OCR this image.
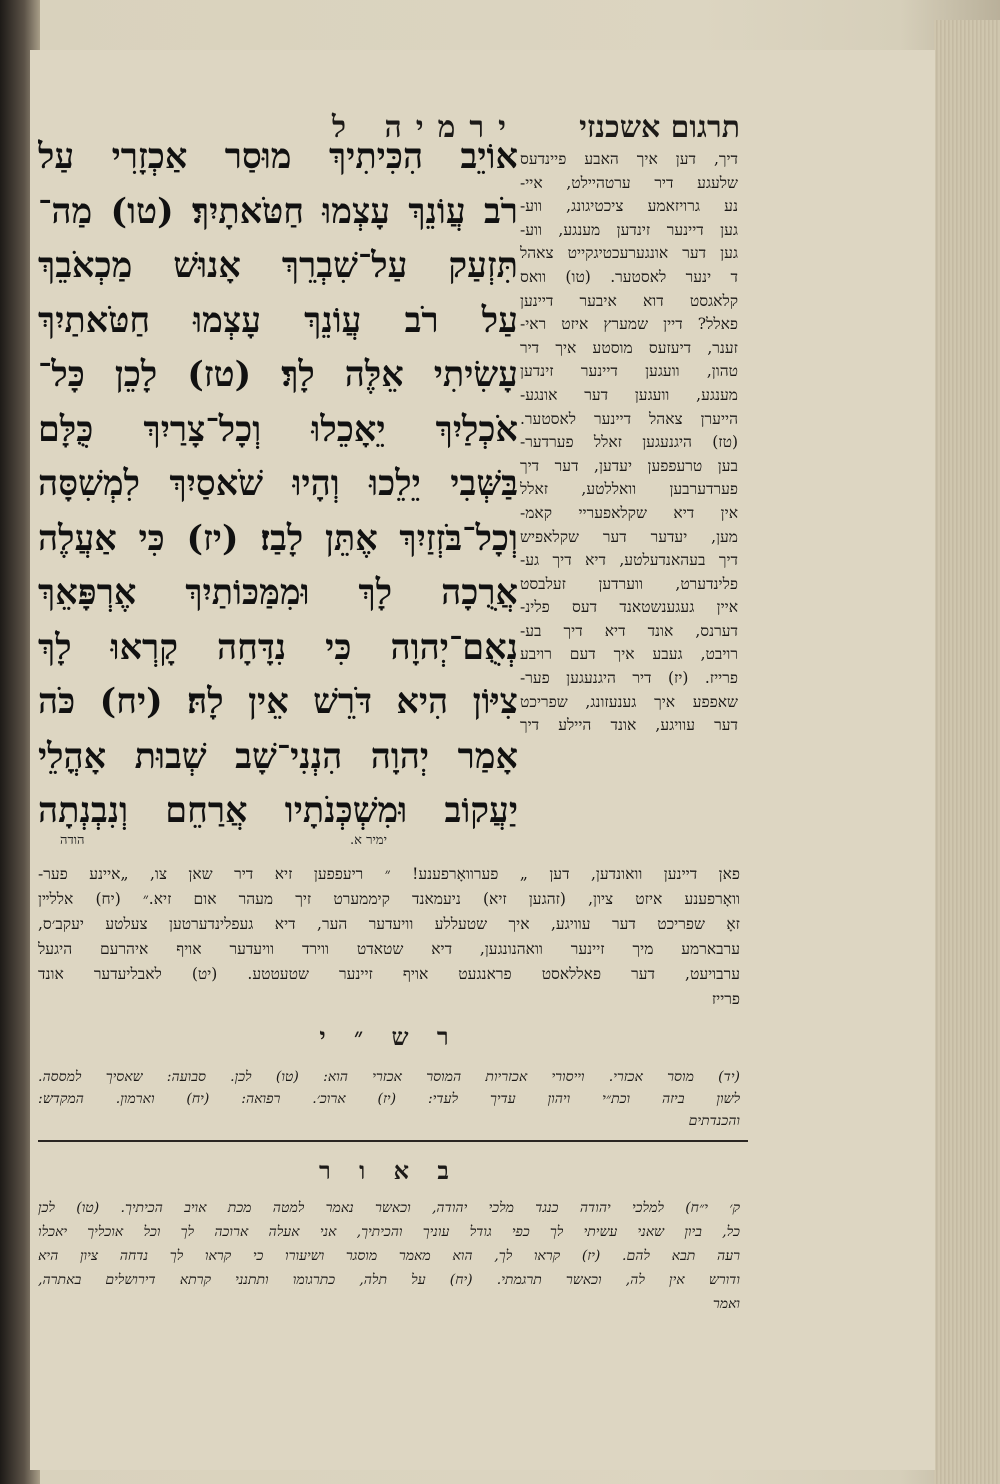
ירמיה ל	תרגום אשכנזי
אוֹיֵב הִכִּיתִיךְ מוּסַר אַכְזָרִי עַל
רֹב עֲוֹנֵךְ עָצְמוּ חַטֹּאתָיִךְ׃ (טו) מַה־
תִּזְעַק עַל־שִׁבְרֵךְ אָנוּשׁ מַכְאֹבֵךְ
עַל רֹב עֲוֹנֵךְ עָצְמוּ חַטֹּאתַיִךְ
עָשִׂיתִי אֵלֶּה לָךְ׃ (טז) לָכֵן כָּל־
אֹכְלַיִךְ יֵאָכֵלוּ וְכָל־צָרַיִךְ כֻּלָּם
בַּשְּׁבִי יֵלֵכוּ וְהָיוּ שֹׁאסַיִךְ לִמְשִׁסָּה
וְכָל־בֹּזְזַיִךְ אֶתֵּן לָבַז׃ (יז) כִּי אַעֲלֶה
אֲרֻכָה לָךְ וּמִמַּכּוֹתַיִךְ אֶרְפָּאֵךְ
נְאֻם־יְהוָה כִּי נִדָּחָה קָרְאוּ לָךְ
צִיּוֹן הִיא דֹּרֵשׁ אֵין לָהּ׃ (יח) כֹּה
אָמַר יְהוָה הִנְנִי־שָׁב שְׁבוּת אָהֳלֵי
יַעֲקוֹב וּמִשְׁכְּנֹתָיו אֲרַחֵם וְנִבְנְתָה
דיך, דען איך האבע פיינדעס
שלעגע דיר ערטהיילט, איי-
נע גרויזאמע ציכטיגונג, ווע-
גען דיינער זינדען מענגע, ווע-
גען דער אונגערעכטיגקייט צאהל
ד ינער לאסטער. (טו) וואס
קלאגסט דוא איבער דיינען
פאלל? דיין שמערץ איזט ראי-
זענר, דיעזעס מוסטע איך דיר
טהון, וועגען דיינער זינדען
מענגע, וועגען דער אונגע-
הייערן צאהל דיינער לאסטער.
(טז) היגנעגען זאלל פערדער-
בען טרעפפען יעדען, דער דיך
פערדערבען וואללטע, זאלל
אין דיא שקלאפעריי קאמ-
מען, יעדער דער שקלאפיש
דיך בעהאנדעלטע, דיא דיך גע-
פלינדערט, ווערדען זעלבסט
איין געגענשטאנד דעס פלינ-
דערנס, אונד דיא דיך בע-
רויבט, געבע איך דעם רויבע
פרייז. (יז) דיר היגנעגען פער-
שאפפע איך גענעזונג, שפריכט
דער עוויגע, אונד היילע דיך
הודה	ימיר א.
פאן דיינען וואונדען, דען „ פערוואָרפענע! ״ ריעפפען זיא דיר שאן צו, „איינע פער-
וואָרפענע איזט ציון, (זהגען זיא) ניעמאנד קיממערט זיך מעהר אום זיא.״ (יח) אללײן
זאָ שפריכט דער עוויגע, איך שטעללע וויעדער הער, דיא געפלינדערטען צעלטע יעקב׳ס,
ערבארמע מיך זיינער וואהנונגען, דיא שטאדט ווירד וויעדער אויף איהרעם היגעל
ערבויעט, דער פאללאסט פראנגעט אויף זיינער שטעטטע. (יט) לאבליעדער אונד
פרייז
ר ש ״ י
(יד) מוסר אכזרי. וייסורי אכזריות המוסר אכזרי הוא: (טו) לכן. סבועה: שאסיך למססה.
לשון ביזה וכת״י ויהון עדיך לעדי: (יז) ארוכ׳. רפואה: (יח) וארמון. המקדש:
והכנדתים
ב א ו ר
ק׳ י״ח) למלכי יהודה כנגד מלכי יהודה, וכאשר נאמר למטה מכת אויב הכיתיך. (טו) לכן
כל, ביון שאני עשיתי לך כפי גודל עוניך והכיתיך, אני אעלה ארוכה לך וכל אוכליך יאכלו
רעה תבא להם. (יז) קראו לך, הוא מאמר מוסגר ושיעורו כי קראו לך נדחה ציון היא
ודורש אין לה, וכאשר תרגמתי. (יח) על תלה, כתרגומו ותתנני קרתא דירושלים באתרה,
ואמר
